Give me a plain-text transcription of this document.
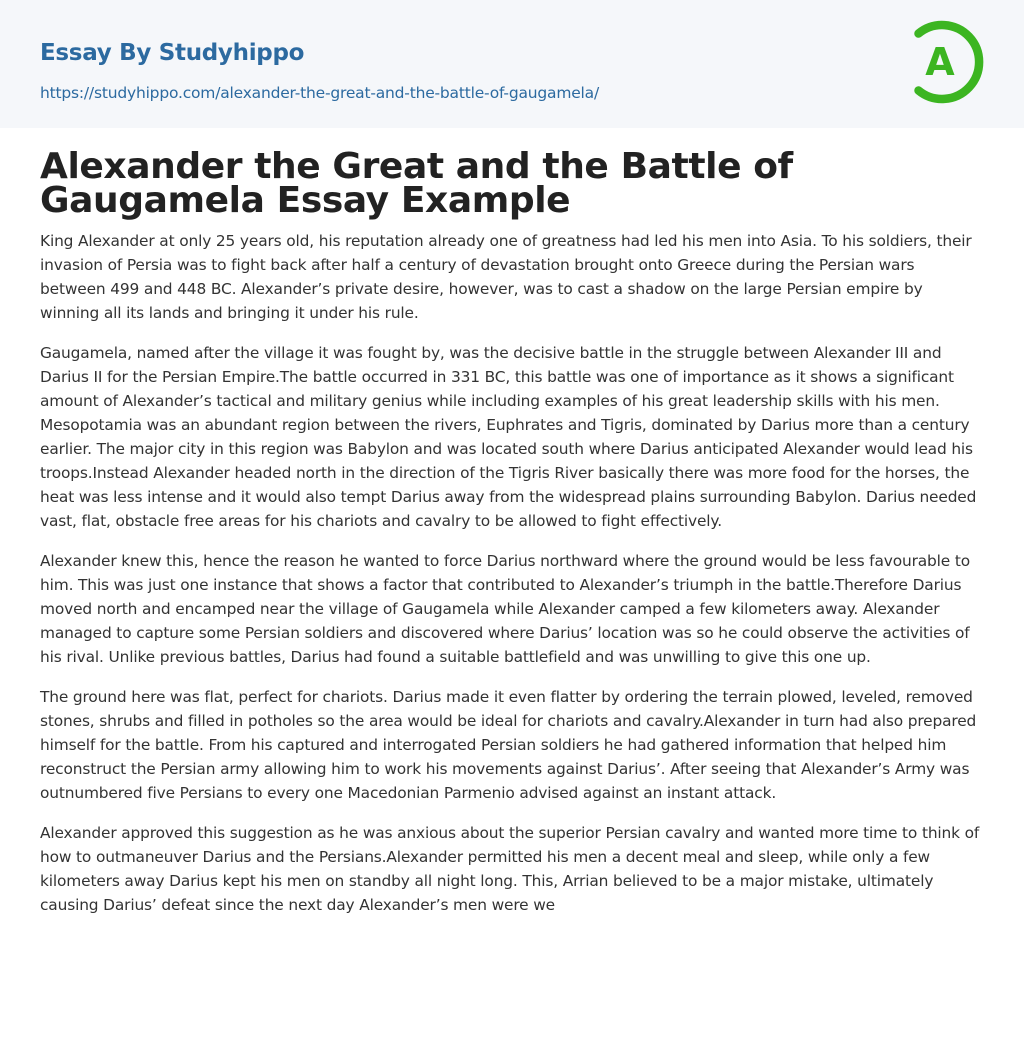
Essay By Studyhippo
https://studyhippo.com/alexander-the-great-and-the-battle-of-gaugamela/
A
Alexander the Great and the Battle of Gaugamela Essay Example

King Alexander at only 25 years old, his reputation already one of greatness had led his men into Asia. To his soldiers, their invasion of Persia was to fight back after half a century of devastation brought onto Greece during the Persian wars between 499 and 448 BC. Alexander’s private desire, however, was to cast a shadow on the large Persian empire by winning all its lands and bringing it under his rule.

Gaugamela, named after the village it was fought by, was the decisive battle in the struggle between Alexander III and Darius II for the Persian Empire.The battle occurred in 331 BC, this battle was one of importance as it shows a significant amount of Alexander’s tactical and military genius while including examples of his great leadership skills with his men. Mesopotamia was an abundant region between the rivers, Euphrates and Tigris, dominated by Darius more than a century earlier. The major city in this region was Babylon and was located south where Darius anticipated Alexander would lead his troops.Instead Alexander headed north in the direction of the Tigris River basically there was more food for the horses, the heat was less intense and it would also tempt Darius away from the widespread plains surrounding Babylon. Darius needed vast, flat, obstacle free areas for his chariots and cavalry to be allowed to fight effectively.

Alexander knew this, hence the reason he wanted to force Darius northward where the ground would be less favourable to him. This was just one instance that shows a factor that contributed to Alexander’s triumph in the battle.Therefore Darius moved north and encamped near the village of Gaugamela while Alexander camped a few kilometers away. Alexander managed to capture some Persian soldiers and discovered where Darius’ location was so he could observe the activities of his rival. Unlike previous battles, Darius had found a suitable battlefield and was unwilling to give this one up.

The ground here was flat, perfect for chariots. Darius made it even flatter by ordering the terrain plowed, leveled, removed stones, shrubs and filled in potholes so the area would be ideal for chariots and cavalry.Alexander in turn had also prepared himself for the battle. From his captured and interrogated Persian soldiers he had gathered information that helped him reconstruct the Persian army allowing him to work his movements against Darius’. After seeing that Alexander’s Army was outnumbered five Persians to every one Macedonian Parmenio advised against an instant attack.

Alexander approved this suggestion as he was anxious about the superior Persian cavalry and wanted more time to think of how to outmaneuver Darius and the Persians.Alexander permitted his men a decent meal and sleep, while only a few kilometers away Darius kept his men on standby all night long. This, Arrian believed to be a major mistake, ultimately causing Darius’ defeat since the next day Alexander’s men were we
